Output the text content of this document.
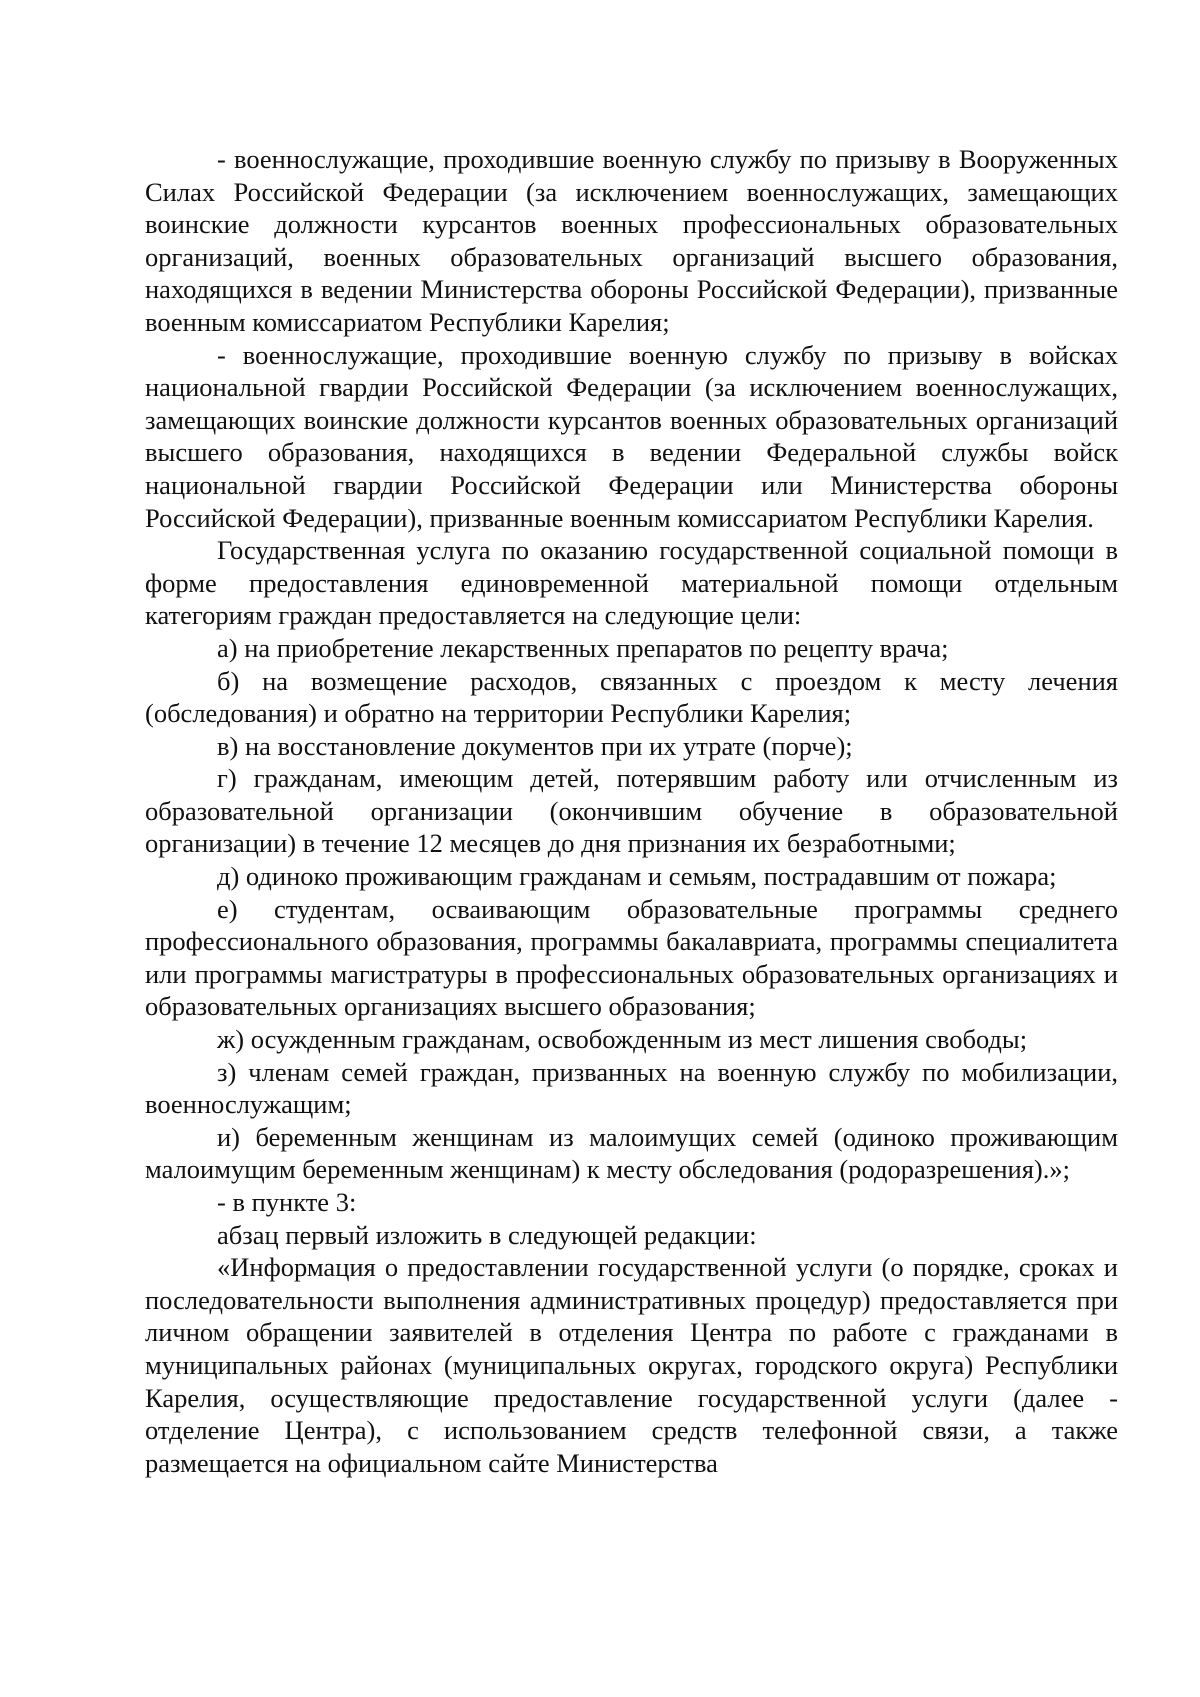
- военнослужащие, проходившие военную службу по призыву в Вооруженных Силах Российской Федерации (за исключением военнослужащих, замещающих воинские должности курсантов военных профессиональных образовательных организаций, военных образовательных организаций высшего образования, находящихся в ведении Министерства обороны Российской Федерации), призванные военным комиссариатом Республики Карелия;

- военнослужащие, проходившие военную службу по призыву в войсках национальной гвардии Российской Федерации (за исключением военнослужащих, замещающих воинские должности курсантов военных образовательных организаций высшего образования, находящихся в ведении Федеральной службы войск национальной гвардии Российской Федерации или Министерства обороны Российской Федерации), призванные военным комиссариатом Республики Карелия.

Государственная услуга по оказанию государственной социальной помощи в форме предоставления единовременной материальной помощи отдельным категориям граждан предоставляется на следующие цели:

а) на приобретение лекарственных препаратов по рецепту врача;

б) на возмещение расходов, связанных с проездом к месту лечения (обследования) и обратно на территории Республики Карелия;

в) на восстановление документов при их утрате (порче);

г) гражданам, имеющим детей, потерявшим работу или отчисленным из образовательной организации (окончившим обучение в образовательной организации) в течение 12 месяцев до дня признания их безработными;

д) одиноко проживающим гражданам и семьям, пострадавшим от пожара;

е) студентам, осваивающим образовательные программы среднего профессионального образования, программы бакалавриата, программы специалитета или программы магистратуры в профессиональных образовательных организациях и образовательных организациях высшего образования;

ж) осужденным гражданам, освобожденным из мест лишения свободы;

з) членам семей граждан, призванных на военную службу по мобилизации, военнослужащим;

и) беременным женщинам из малоимущих семей (одиноко проживающим малоимущим беременным женщинам) к месту обследования (родоразрешения).»;

- в пункте 3:

абзац первый изложить в следующей редакции:

«Информация о предоставлении государственной услуги (о порядке, сроках и последовательности выполнения административных процедур) предоставляется при личном обращении заявителей в отделения Центра по работе с гражданами в муниципальных районах (муниципальных округах, городского округа) Республики Карелия, осуществляющие предоставление государственной услуги (далее - отделение Центра), с использованием средств телефонной связи, а также размещается на официальном сайте Министерства
